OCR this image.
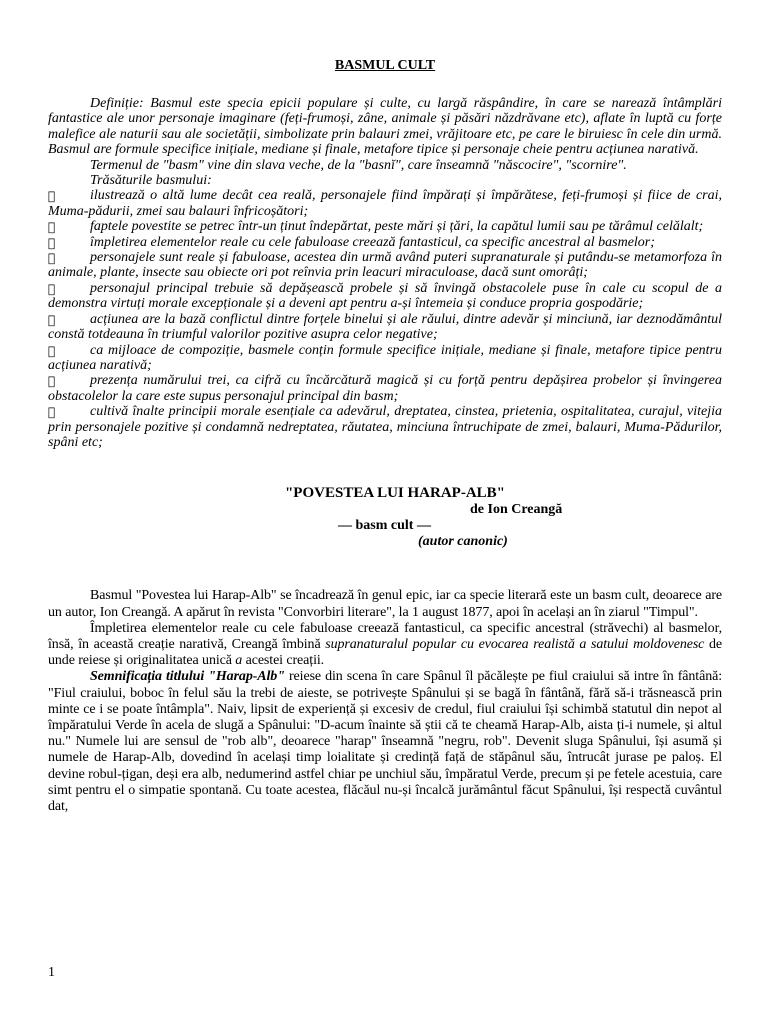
BASMUL CULT

Definiție: Basmul este specia epicii populare și culte, cu largă răspândire, în care se narează întâmplări fantastice ale unor personaje imaginare (feți-frumoși, zâne, animale și păsări năzdrăvane etc), aflate în luptă cu forțe malefice ale naturii sau ale societății, simbolizate prin balauri zmei, vrăjitoare etc, pe care le biruiesc în cele din urmă. Basmul are formule specifice inițiale, mediane și finale, metafore tipice și personaje cheie pentru acțiunea narativă.

Termenul de "basm" vine din slava veche, de la "basnĭ", care înseamnă "născocire", "scornire".

Trăsăturile basmului:

ilustrează o altă lume decât cea reală, personajele fiind împărați și împărătese, feți-frumoși și fiice de crai, Muma-pădurii, zmei sau balauri înfricoșători;

faptele povestite se petrec într-un ținut îndepărtat, peste mări și țări, la capătul lumii sau pe tărâmul celălalt;

împletirea elementelor reale cu cele fabuloase creează fantasticul, ca specific ancestral al basmelor;

personajele sunt reale și fabuloase, acestea din urmă având puteri supranaturale și putându-se metamorfoza în animale, plante, insecte sau obiecte ori pot reînvia prin leacuri miraculoase, dacă sunt omorâți;

personajul principal trebuie să depășească probele și să învingă obstacolele puse în cale cu scopul de a demonstra virtuți morale excepționale și a deveni apt pentru a-și întemeia și conduce propria gospodărie;

acțiunea are la bază conflictul dintre forțele binelui și ale răului, dintre adevăr și minciună, iar deznodământul constă totdeauna în triumful valorilor pozitive asupra celor negative;

ca mijloace de compoziție, basmele conțin formule specifice inițiale, mediane și finale, metafore tipice pentru acțiunea narativă;

prezența numărului trei, ca cifră cu încărcătură magică și cu forță pentru depășirea probelor și învingerea obstacolelor la care este supus personajul principal din basm;

cultivă înalte principii morale esențiale ca adevărul, dreptatea, cinstea, prietenia, ospitalitatea, curajul, vitejia prin personajele pozitive și condamnă nedreptatea, răutatea, minciuna întruchipate de zmei, balauri, Muma-Pădurilor, spâni etc;

"POVESTEA LUI HARAP-ALB"
de Ion Creangă
— basm cult —
(autor canonic)

Basmul "Povestea lui Harap-Alb" se încadrează în genul epic, iar ca specie literară este un basm cult, deoarece are un autor, Ion Creangă. A apărut în revista "Convorbiri literare", la 1 august 1877, apoi în același an în ziarul "Timpul".

Împletirea elementelor reale cu cele fabuloase creează fantasticul, ca specific ancestral (străvechi) al basmelor, însă, în această creație narativă, Creangă îmbină supranaturalul popular cu evocarea realistă a satului moldovenesc de unde reiese și originalitatea unică a acestei creații.

Semnificația titlului "Harap-Alb" reiese din scena în care Spânul îl păcălește pe fiul craiului să intre în fântână: "Fiul craiului, boboc în felul său la trebi de aieste, se potrivește Spânului și se bagă în fântână, fără să-i trăsnească prin minte ce i se poate întâmpla". Naiv, lipsit de experiență și excesiv de credul, fiul craiului își schimbă statutul din nepot al împăratului Verde în acela de slugă a Spânului: "D-acum înainte să știi că te cheamă Harap-Alb, aista ți-i numele, și altul nu." Numele lui are sensul de "rob alb", deoarece "harap" înseamnă "negru, rob". Devenit sluga Spânului, își asumă și numele de Harap-Alb, dovedind în același timp loialitate și credință față de stăpânul său, întrucât jurase pe paloș. El devine robul-țigan, deși era alb, nedumerind astfel chiar pe unchiul său, împăratul Verde, precum și pe fetele acestuia, care simt pentru el o simpatie spontană. Cu toate acestea, flăcăul nu-și încalcă jurământul făcut Spânului, își respectă cuvântul dat,

1
